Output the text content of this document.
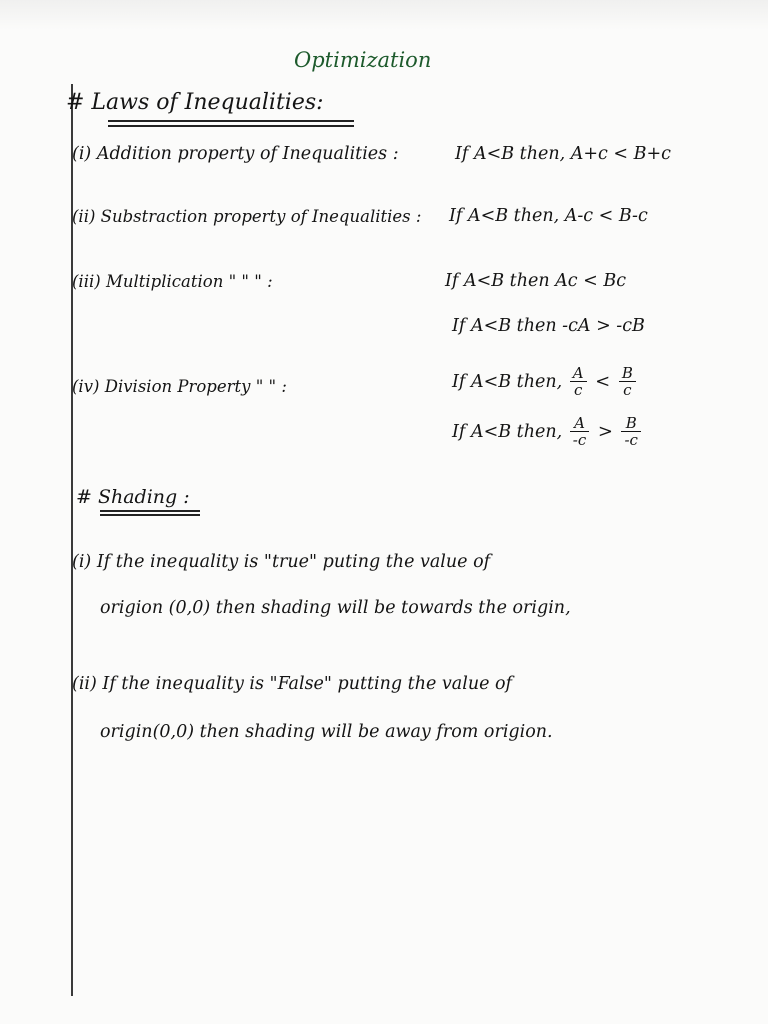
Optimization
# Laws of Inequalities:
(i) Addition property of Inequalities :	If A<B then, A+c < B+c
(ii) Substraction property of Inequalities : If A<B then, A-c < B-c
(iii) Multiplication " " " :	If A<B then Ac < Bc
If A<B then -cA > -cB
(iv) Division Property " " :	If A<B then, $\frac{A}{c} < \frac{B}{c}$
If A<B then, $\frac{A}{-c} > \frac{B}{-c}$
# Shading :
(i) If the inequality is "true" puting the value of
origion (0,0) then shading will be towards the origin,
(ii) If the inequality is "False" putting the value of
origin(0,0) then shading will be away from origion.
